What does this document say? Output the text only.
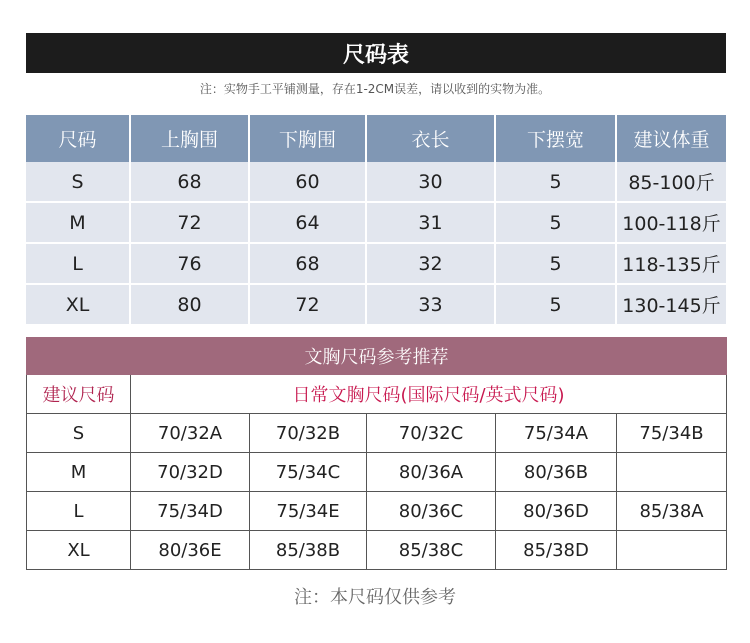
尺码表
注：实物手工平铺测量，存在1-2CM误差，请以收到的实物为准。
尺码	上胸围	下胸围	衣长	下摆宽	建议体重
S	68	60	30	5	85-100斤
M	72	64	31	5	100-118斤
L	76	68	32	5	118-135斤
XL	80	72	33	5	130-145斤
文胸尺码参考推荐					
建议尺码	日常文胸尺码(国际尺码/英式尺码)				
S	70/32A	70/32B	70/32C	75/34A	75/34B
M	70/32D	75/34C	80/36A	80/36B	
L	75/34D	75/34E	80/36C	80/36D	85/38A
XL	80/36E	85/38B	85/38C	85/38D	
注：本尺码仅供参考
